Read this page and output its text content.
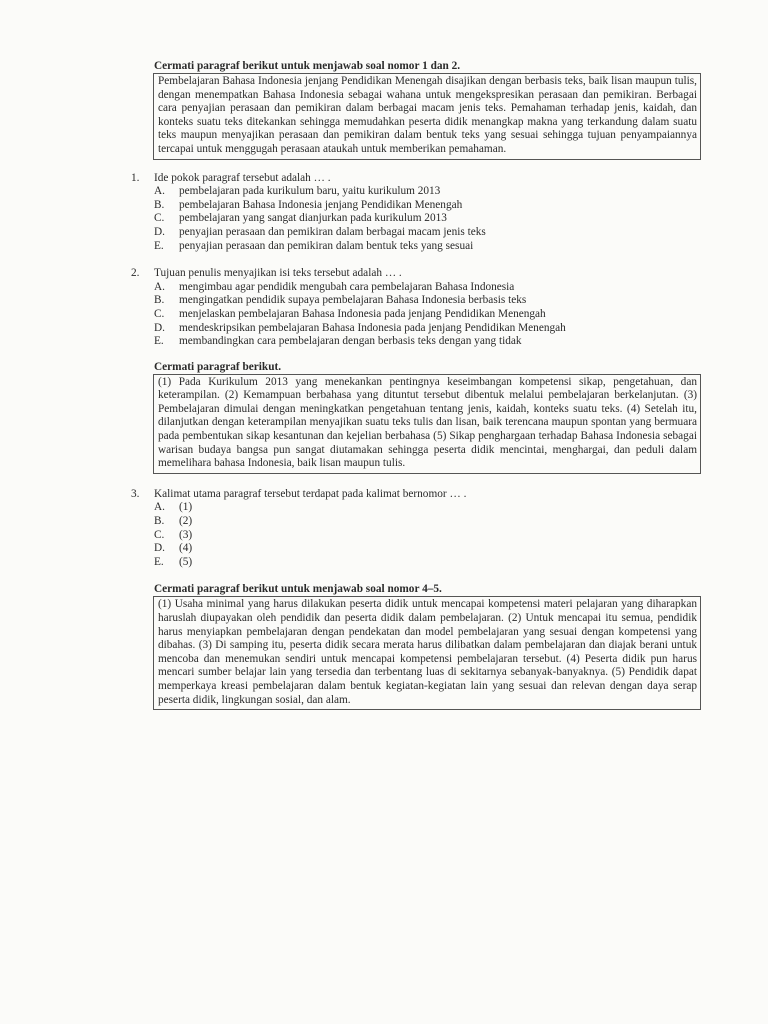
Cermati paragraf berikut untuk menjawab soal nomor 1 dan 2.

Pembelajaran Bahasa Indonesia jenjang Pendidikan Menengah disajikan dengan berbasis teks, baik lisan maupun tulis, dengan menempatkan Bahasa Indonesia sebagai wahana untuk mengekspresikan perasaan dan pemikiran. Berbagai cara penyajian perasaan dan pemikiran dalam berbagai macam jenis teks. Pemahaman terhadap jenis, kaidah, dan konteks suatu teks ditekankan sehingga memudahkan peserta didik menangkap makna yang terkandung dalam suatu teks maupun menyajikan perasaan dan pemikiran dalam bentuk teks yang sesuai sehingga tujuan penyampaiannya tercapai untuk menggugah perasaan ataukah untuk memberikan pemahaman.

1.	Ide pokok paragraf tersebut adalah … .
A.	pembelajaran pada kurikulum baru, yaitu kurikulum 2013
B.	pembelajaran Bahasa Indonesia jenjang Pendidikan Menengah
C.	pembelajaran yang sangat dianjurkan pada kurikulum 2013
D.	penyajian perasaan dan pemikiran dalam berbagai macam jenis teks
E.	penyajian perasaan dan pemikiran dalam bentuk teks yang sesuai
2.	Tujuan penulis menyajikan isi teks tersebut adalah … .
A.	mengimbau agar pendidik mengubah cara pembelajaran Bahasa Indonesia
B.	mengingatkan pendidik supaya pembelajaran Bahasa Indonesia berbasis teks
C.	menjelaskan pembelajaran Bahasa Indonesia pada jenjang Pendidikan Menengah
D.	mendeskripsikan pembelajaran Bahasa Indonesia pada jenjang Pendidikan Menengah
E.	membandingkan cara pembelajaran dengan berbasis teks dengan yang tidak
Cermati paragraf berikut.

(1) Pada Kurikulum 2013 yang menekankan pentingnya keseimbangan kompetensi sikap, pengetahuan, dan keterampilan. (2) Kemampuan berbahasa yang dituntut tersebut dibentuk melalui pembelajaran berkelanjutan. (3) Pembelajaran dimulai dengan meningkatkan pengetahuan tentang jenis, kaidah, konteks suatu teks. (4) Setelah itu, dilanjutkan dengan keterampilan menyajikan suatu teks tulis dan lisan, baik terencana maupun spontan yang bermuara pada pembentukan sikap kesantunan dan kejelian berbahasa (5) Sikap penghargaan terhadap Bahasa Indonesia sebagai warisan budaya bangsa pun sangat diutamakan sehingga peserta didik mencintai, menghargai, dan peduli dalam memelihara bahasa Indonesia, baik lisan maupun tulis.

3.	Kalimat utama paragraf tersebut terdapat pada kalimat bernomor … .
A.	(1)
B.	(2)
C.	(3)
D.	(4)
E.	(5)
Cermati paragraf berikut untuk menjawab soal nomor 4–5.

(1) Usaha minimal yang harus dilakukan peserta didik untuk mencapai kompetensi materi pelajaran yang diharapkan haruslah diupayakan oleh pendidik dan peserta didik dalam pembelajaran. (2) Untuk mencapai itu semua, pendidik harus menyiapkan pembelajaran dengan pendekatan dan model pembelajaran yang sesuai dengan kompetensi yang dibahas. (3) Di samping itu, peserta didik secara merata harus dilibatkan dalam pembelajaran dan diajak berani untuk mencoba dan menemukan sendiri untuk mencapai kompetensi pembelajaran tersebut. (4) Peserta didik pun harus mencari sumber belajar lain yang tersedia dan terbentang luas di sekitarnya sebanyak-banyaknya. (5) Pendidik dapat memperkaya kreasi pembelajaran dalam bentuk kegiatan-kegiatan lain yang sesuai dan relevan dengan daya serap peserta didik, lingkungan sosial, dan alam.
